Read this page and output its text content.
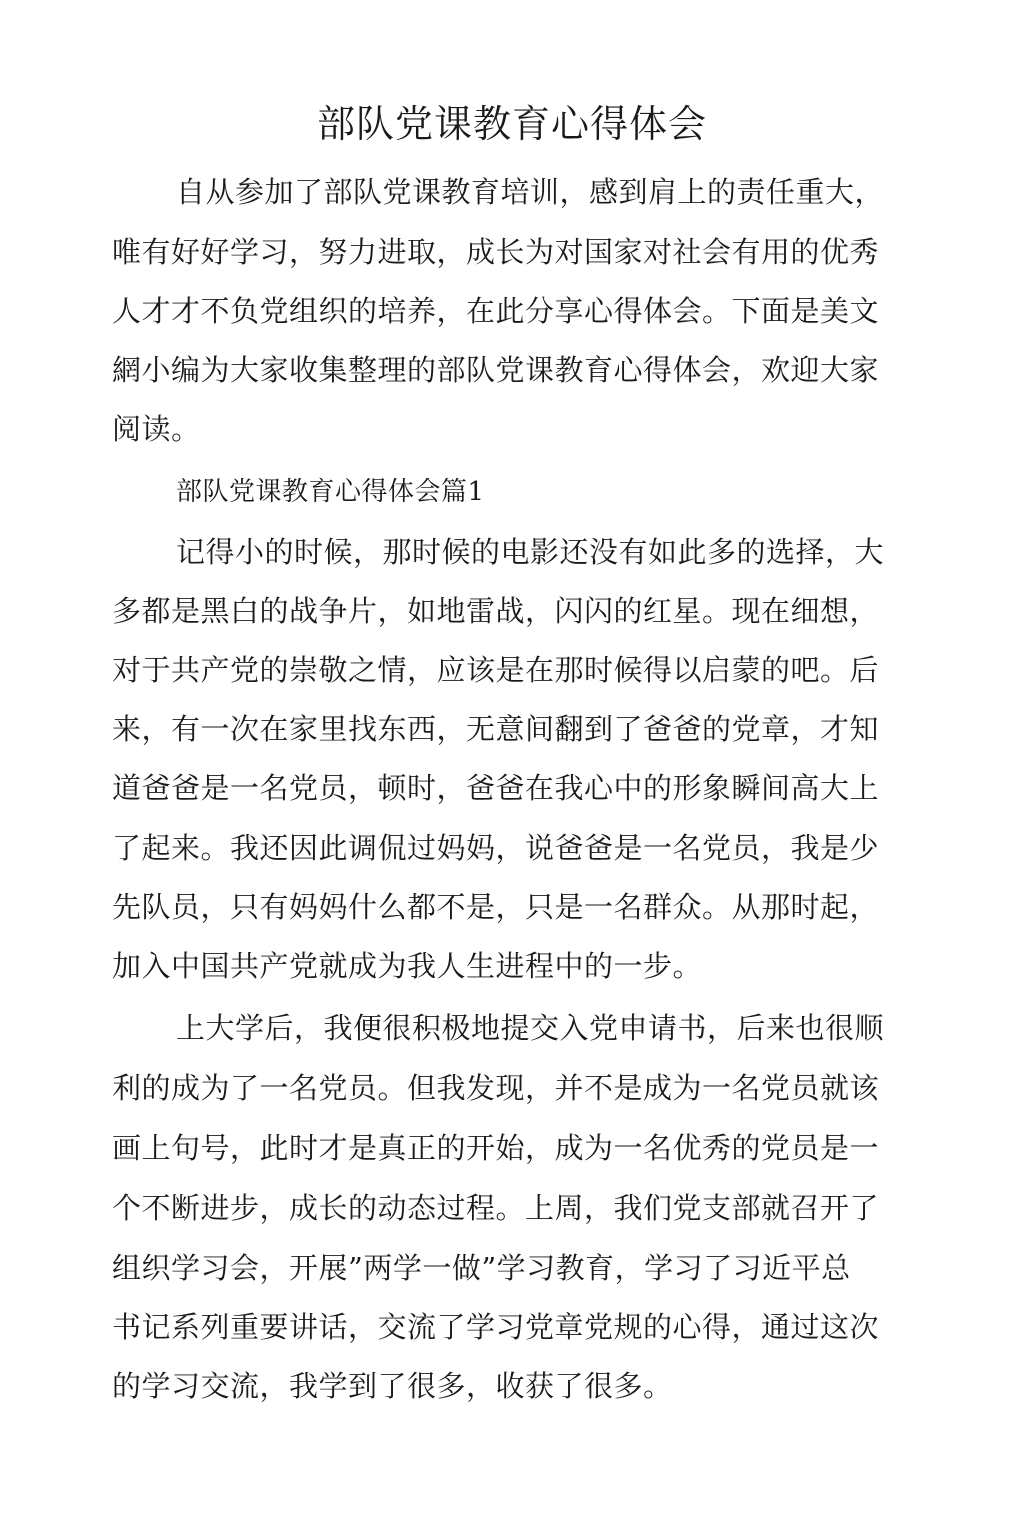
部队党课教育心得体会
自从参加了部队党课教育培训，感到肩上的责任重大，
唯有好好学习，努力进取，成长为对国家对社会有用的优秀
人才才不负党组织的培养，在此分享心得体会。下面是美文
網小编为大家收集整理的部队党课教育心得体会，欢迎大家
阅读。
部队党课教育心得体会篇1
记得小的时候，那时候的电影还没有如此多的选择，大
多都是黑白的战争片，如地雷战，闪闪的红星。现在细想，
对于共产党的崇敬之情，应该是在那时候得以启蒙的吧。后
来，有一次在家里找东西，无意间翻到了爸爸的党章，才知
道爸爸是一名党员，顿时，爸爸在我心中的形象瞬间高大上
了起来。我还因此调侃过妈妈，说爸爸是一名党员，我是少
先队员，只有妈妈什么都不是，只是一名群众。从那时起，
加入中国共产党就成为我人生进程中的一步。
上大学后，我便很积极地提交入党申请书，后来也很顺
利的成为了一名党员。但我发现，并不是成为一名党员就该
画上句号，此时才是真正的开始，成为一名优秀的党员是一
个不断进步，成长的动态过程。上周，我们党支部就召开了
组织学习会，开展”两学一做”学习教育，学习了习近平总
书记系列重要讲话，交流了学习党章党规的心得，通过这次
的学习交流，我学到了很多，收获了很多。
